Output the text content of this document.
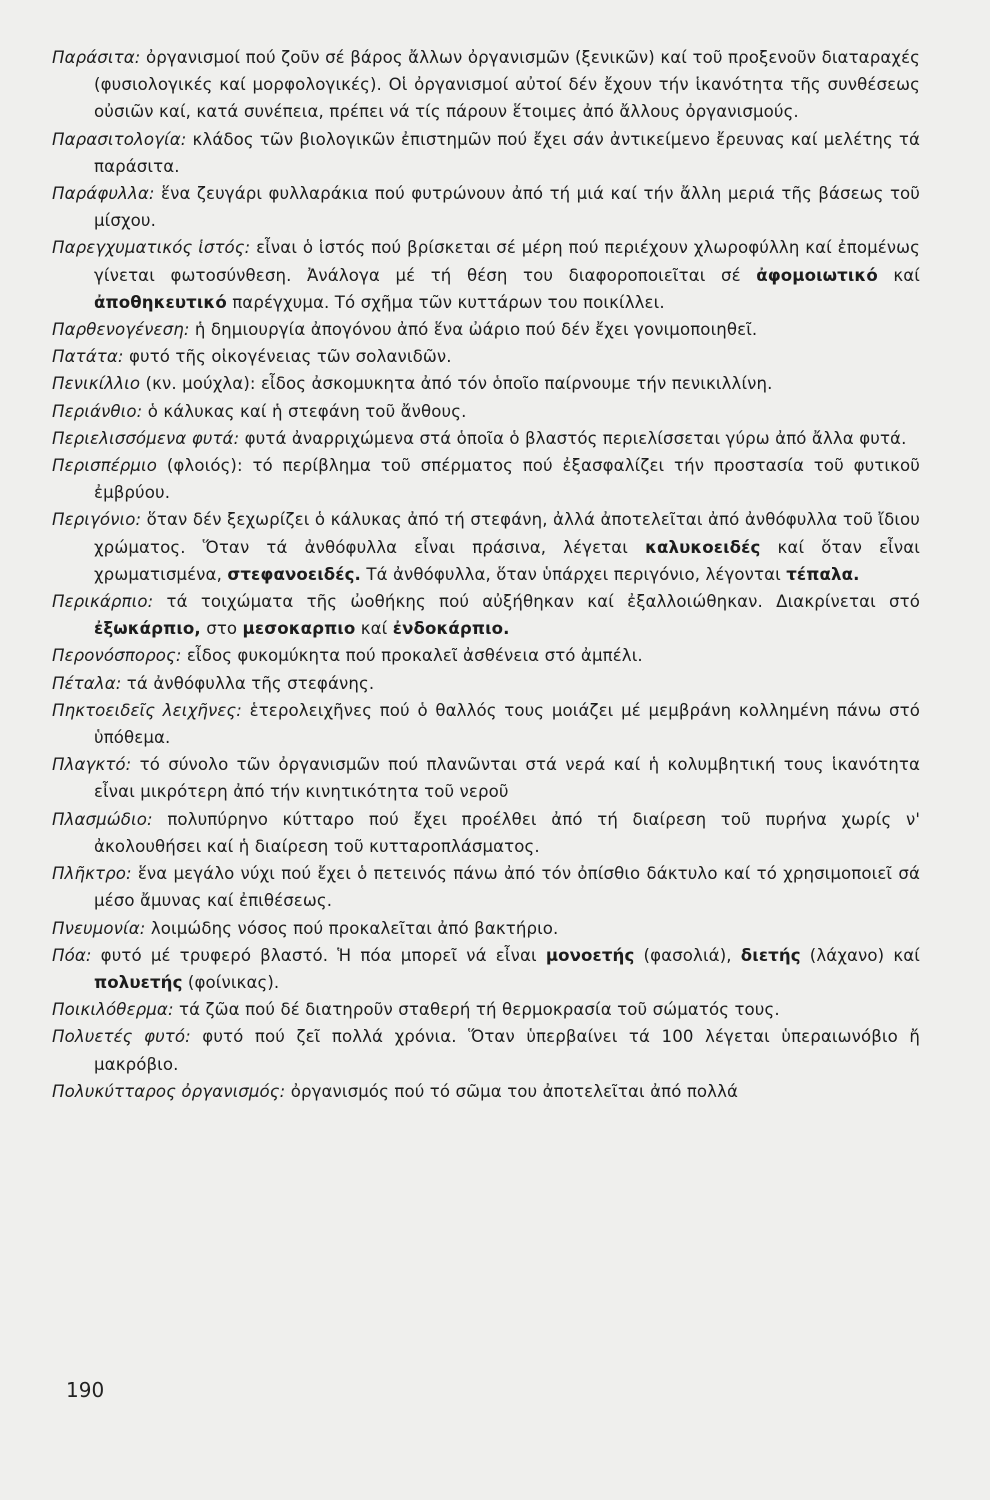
Παράσιτα: ὀργανισμοί πού ζοῦν σέ βάρος ἄλλων ὀργανισμῶν (ξενικῶν) καί τοῦ προξενοῦν διαταραχές (φυσιολογικές καί μορφολογικές). Οἱ ὀργανισμοί αὐτοί δέν ἔχουν τήν ἱκανότητα τῆς συνθέσεως οὐσιῶν καί, κατά συνέπεια, πρέπει νά τίς πάρουν ἕτοιμες ἀπό ἄλλους ὀργανισμούς.

Παρασιτολογία: κλάδος τῶν βιολογικῶν ἐπιστημῶν πού ἔχει σάν ἀντικείμενο ἔρευνας καί μελέτης τά παράσιτα.

Παράφυλλα: ἕνα ζευγάρι φυλλαράκια πού φυτρώνουν ἀπό τή μιά καί τήν ἄλλη μεριά τῆς βάσεως τοῦ μίσχου.

Παρεγχυματικός ἱστός: εἶναι ὁ ἱστός πού βρίσκεται σέ μέρη πού περιέχουν χλωροφύλλη καί ἐπομένως γίνεται φωτοσύνθεση. Ἀνάλογα μέ τή θέση του διαφοροποιεῖται σέ ἀφομοιωτικό καί ἀποθηκευτικό παρέγχυμα. Τό σχῆμα τῶν κυττάρων του ποικίλλει.

Παρθενογένεση: ἡ δημιουργία ἀπογόνου ἀπό ἕνα ὠάριο πού δέν ἔχει γονιμοποιηθεῖ.

Πατάτα: φυτό τῆς οἰκογένειας τῶν σολανιδῶν.

Πενικίλλιο (κν. μούχλα): εἶδος ἀσκομυκητα ἀπό τόν ὁποῖο παίρνουμε τήν πενικιλλίνη.

Περιάνθιο: ὁ κάλυκας καί ἡ στεφάνη τοῦ ἄνθους.

Περιελισσόμενα φυτά: φυτά ἀναρριχώμενα στά ὁποῖα ὁ βλαστός περιελίσσεται γύρω ἀπό ἄλλα φυτά.

Περισπέρμιο (φλοιός): τό περίβλημα τοῦ σπέρματος πού ἐξασφαλίζει τήν προστασία τοῦ φυτικοῦ ἐμβρύου.

Περιγόνιο: ὅταν δέν ξεχωρίζει ὁ κάλυκας ἀπό τή στεφάνη, ἀλλά ἀποτελεῖται ἀπό ἀνθόφυλλα τοῦ ἴδιου χρώματος. Ὅταν τά ἀνθόφυλλα εἶναι πράσινα, λέγεται καλυκοειδές καί ὅταν εἶναι χρωματισμένα, στεφανοειδές. Τά ἀνθόφυλλα, ὅταν ὑπάρχει περιγόνιο, λέγονται τέπαλα.

Περικάρπιο: τά τοιχώματα τῆς ὠοθήκης πού αὐξήθηκαν καί ἐξαλλοιώθηκαν. Διακρίνεται στό ἐξωκάρπιο, στο μεσοκαρπιο καί ἐνδοκάρπιο.

Περονόσπορος: εἶδος φυκομύκητα πού προκαλεῖ ἀσθένεια στό ἀμπέλι.

Πέταλα: τά ἀνθόφυλλα τῆς στεφάνης.

Πηκτοειδεῖς λειχῆνες: ἑτερολειχῆνες πού ὁ θαλλός τους μοιάζει μέ μεμβράνη κολλημένη πάνω στό ὑπόθεμα.

Πλαγκτό: τό σύνολο τῶν ὀργανισμῶν πού πλανῶνται στά νερά καί ἡ κολυμβητική τους ἱκανότητα εἶναι μικρότερη ἀπό τήν κινητικότητα τοῦ νεροῦ

Πλασμώδιο: πολυπύρηνο κύτταρο πού ἔχει προέλθει ἀπό τή διαίρεση τοῦ πυρήνα χωρίς ν' ἀκολουθήσει καί ἡ διαίρεση τοῦ κυτταροπλάσματος.

Πλῆκτρο: ἕνα μεγάλο νύχι πού ἔχει ὁ πετεινός πάνω ἀπό τόν ὀπίσθιο δάκτυλο καί τό χρησιμοποιεῖ σά μέσο ἄμυνας καί ἐπιθέσεως.

Πνευμονία: λοιμώδης νόσος πού προκαλεῖται ἀπό βακτήριο.

Πόα: φυτό μέ τρυφερό βλαστό. Ἡ πόα μπορεῖ νά εἶναι μονοετής (φασολιά), διετής (λάχανο) καί πολυετής (φοίνικας).

Ποικιλόθερμα: τά ζῶα πού δέ διατηροῦν σταθερή τή θερμοκρασία τοῦ σώματός τους.

Πολυετές φυτό: φυτό πού ζεῖ πολλά χρόνια. Ὅταν ὑπερβαίνει τά 100 λέγεται ὑπεραιωνόβιο ἤ μακρόβιο.

Πολυκύτταρος ὀργανισμός: ὀργανισμός πού τό σῶμα του ἀποτελεῖται ἀπό πολλά

190
